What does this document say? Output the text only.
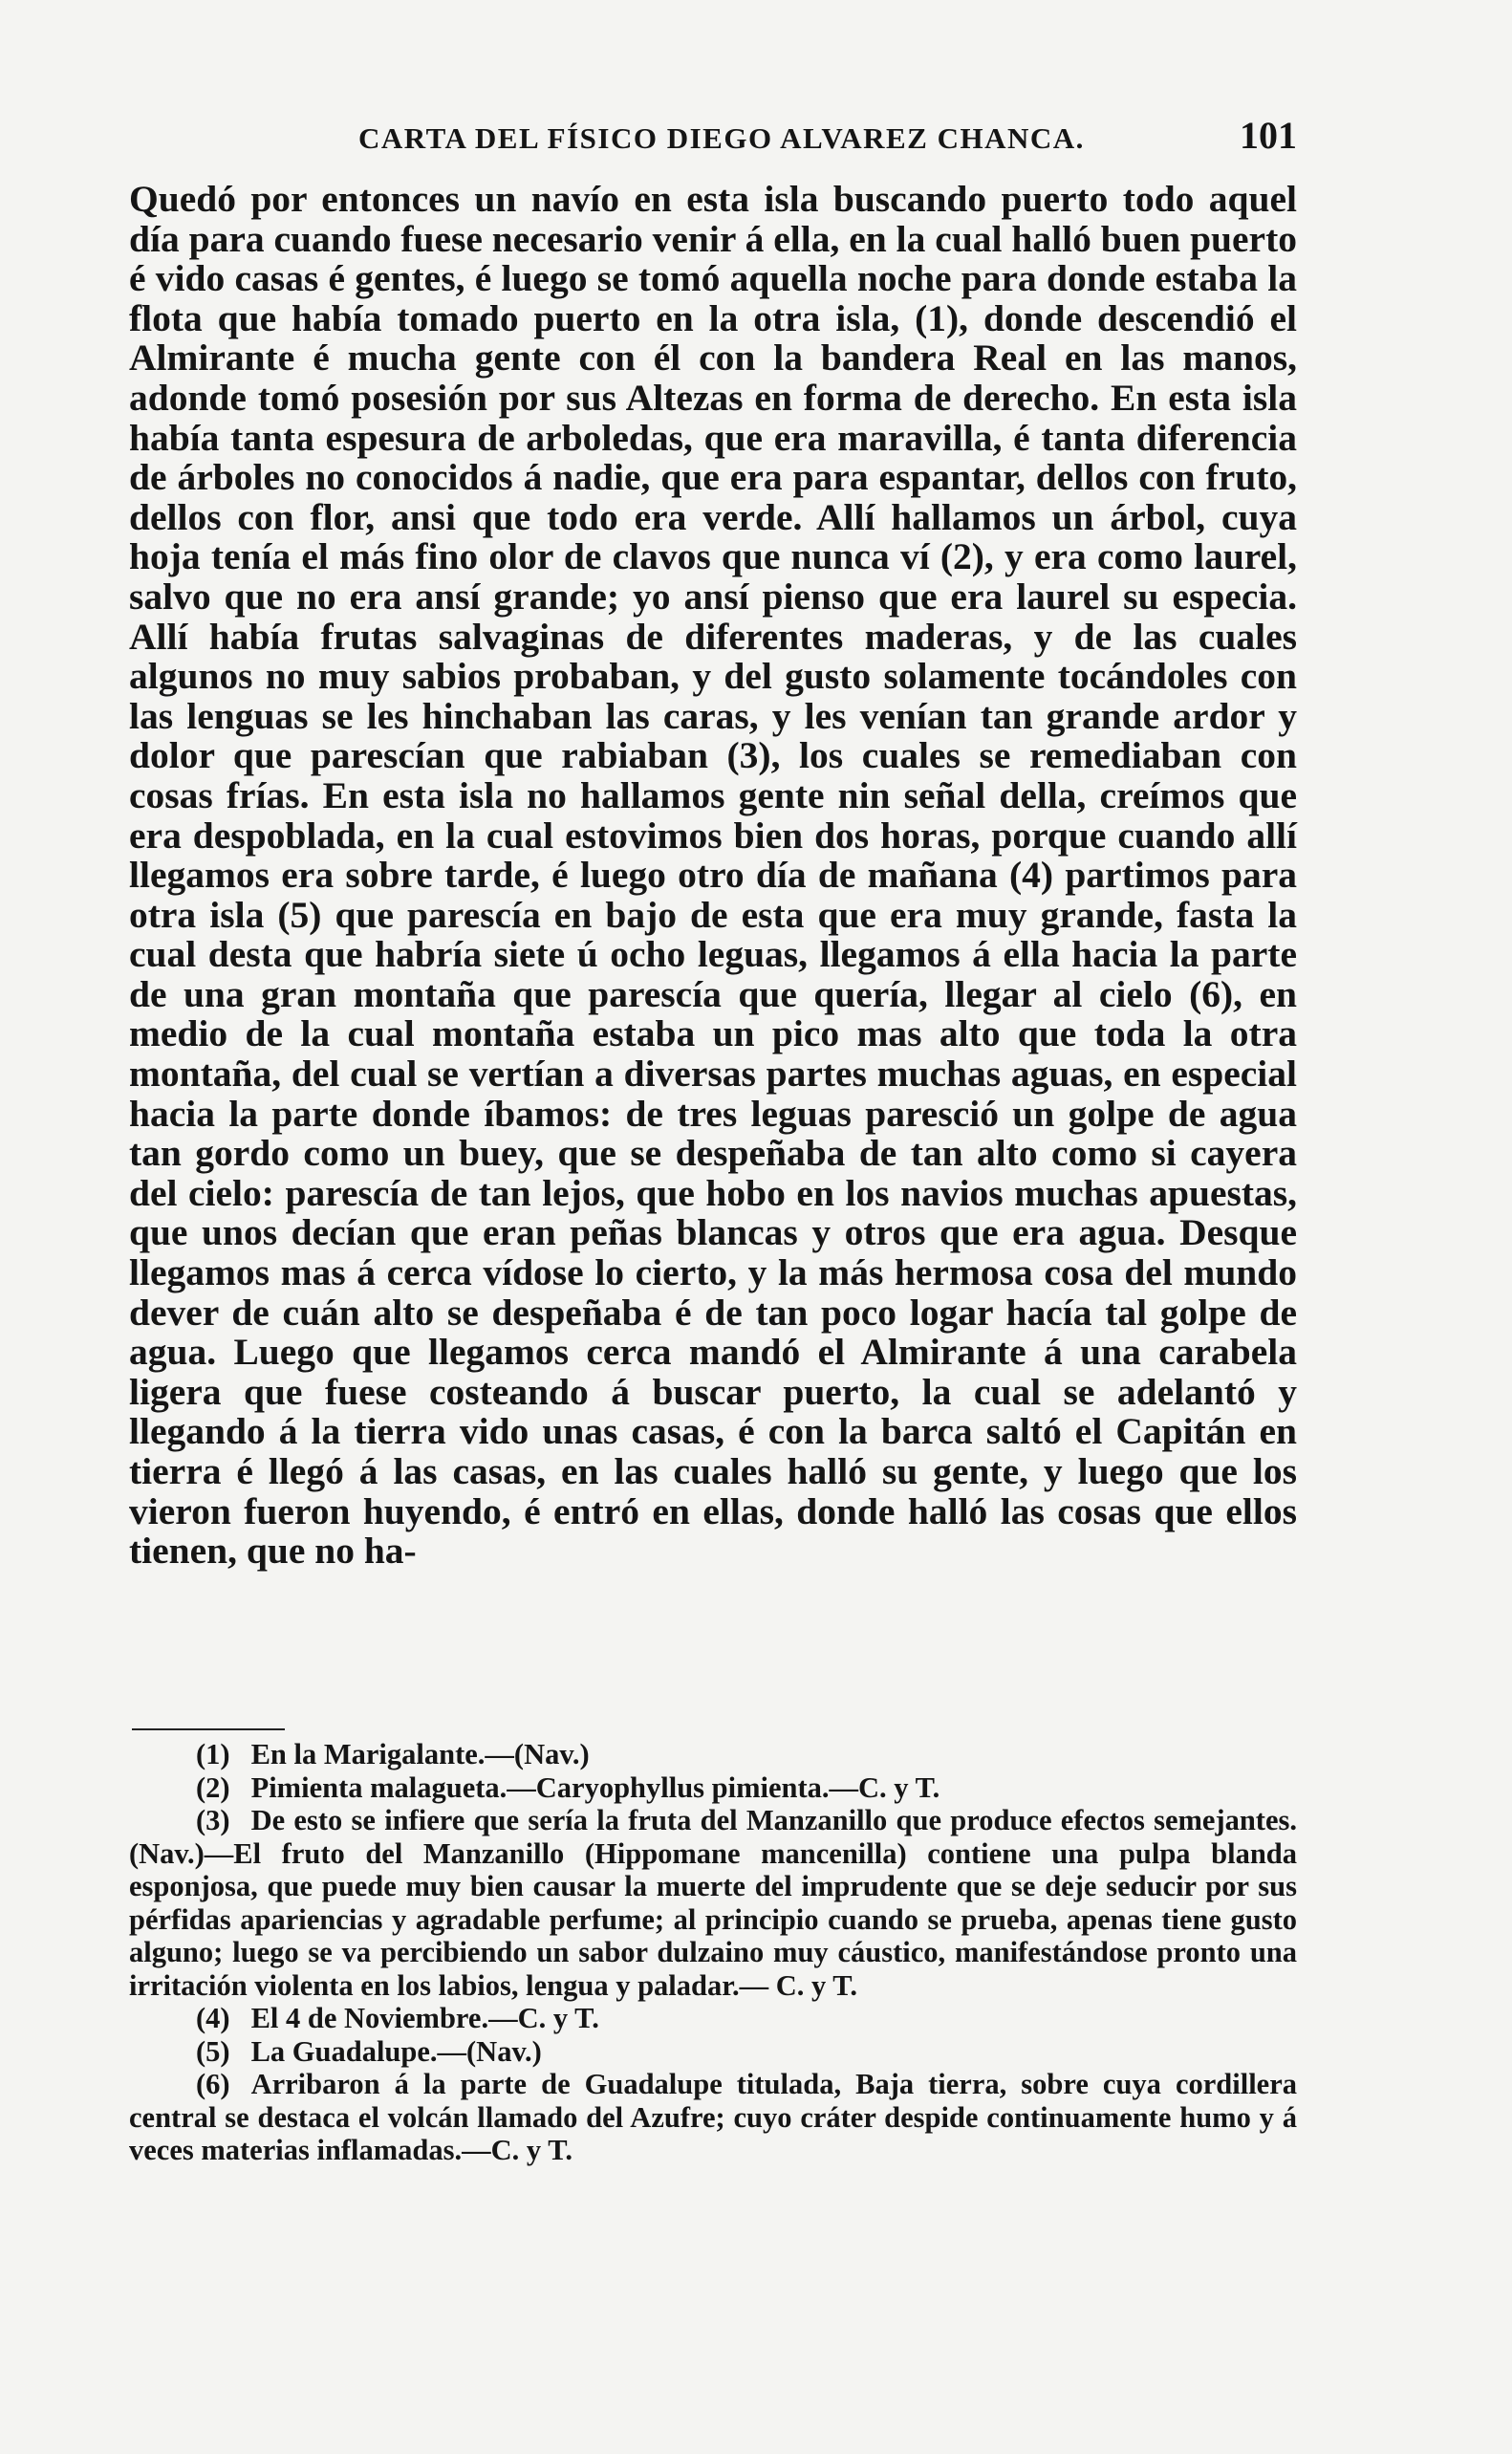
CARTA DEL FÍSICO DIEGO ALVAREZ CHANCA.	101

Quedó por entonces un navío en esta isla buscando puerto todo aquel día para cuando fuese necesario venir á ella, en la cual halló buen puerto é vido casas é gentes, é luego se tomó aquella noche para donde estaba la flota que había tomado puerto en la otra isla, (1), donde descendió el Almirante é mucha gente con él con la bandera Real en las manos, adonde tomó posesión por sus Altezas en forma de derecho. En esta isla había tanta espesura de arboledas, que era maravilla, é tanta diferencia de árboles no conocidos á nadie, que era para espantar, dellos con fruto, dellos con flor, ansi que todo era verde. Allí hallamos un árbol, cuya hoja tenía el más fino olor de clavos que nunca ví (2), y era como laurel, salvo que no era ansí grande; yo ansí pienso que era laurel su especia. Allí había frutas salvaginas de diferentes maderas, y de las cuales algunos no muy sabios probaban, y del gusto solamente tocándoles con las lenguas se les hinchaban las caras, y les venían tan grande ardor y dolor que parescían que rabiaban (3), los cuales se remediaban con cosas frías. En esta isla no hallamos gente nin señal della, creímos que era despoblada, en la cual estovimos bien dos horas, porque cuando allí llegamos era sobre tarde, é luego otro día de mañana (4) partimos para otra isla (5) que parescía en bajo de esta que era muy grande, fasta la cual desta que habría siete ú ocho leguas, llegamos á ella hacia la parte de una gran montaña que parescía que quería, llegar al cielo (6), en medio de la cual montaña estaba un pico mas alto que toda la otra montaña, del cual se vertían a diversas partes muchas aguas, en especial hacia la parte donde íbamos: de tres leguas paresció un golpe de agua tan gordo como un buey, que se despeñaba de tan alto como si cayera del cielo: parescía de tan lejos, que hobo en los navios muchas apuestas, que unos decían que eran peñas blancas y otros que era agua. Desque llegamos mas á cerca vídose lo cierto, y la más hermosa cosa del mundo dever de cuán alto se despeñaba é de tan poco logar hacía tal golpe de agua. Luego que llegamos cerca mandó el Almirante á una carabela ligera que fuese costeando á buscar puerto, la cual se adelantó y llegando á la tierra vido unas casas, é con la barca saltó el Capitán en tierra é llegó á las casas, en las cuales halló su gente, y luego que los vieron fueron huyendo, é entró en ellas, donde halló las cosas que ellos tienen, que no ha-

(1) En la Marigalante.—(Nav.)
(2) Pimienta malagueta.—Caryophyllus pimienta.—C. y T.
(3) De esto se infiere que sería la fruta del Manzanillo que produce efectos semejantes. (Nav.)—El fruto del Manzanillo (Hippomane mancenilla) contiene una pulpa blanda esponjosa, que puede muy bien causar la muerte del imprudente que se deje seducir por sus pérfidas apariencias y agradable perfume; al principio cuando se prueba, apenas tiene gusto alguno; luego se va percibiendo un sabor dulzaino muy cáustico, manifestándose pronto una irritación violenta en los labios, lengua y paladar.— C. y T.
(4) El 4 de Noviembre.—C. y T.
(5) La Guadalupe.—(Nav.)
(6) Arribaron á la parte de Guadalupe titulada, Baja tierra, sobre cuya cordillera central se destaca el volcán llamado del Azufre; cuyo cráter despide continuamente humo y á veces materias inflamadas.—C. y T.
